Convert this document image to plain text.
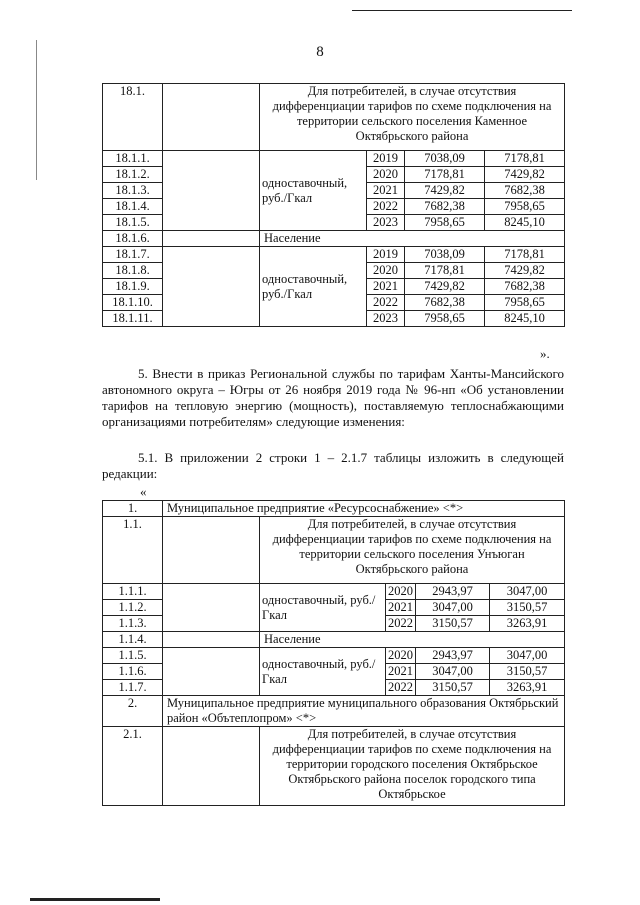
8
18.1.		Для потребителей, в случае отсутствия дифференциации тарифов по схеме подключения на территории сельского поселения Каменное Октябрьского района			
18.1.1.		одноставочный, руб./Гкал	2019	7038,09	7178,81
18.1.2.			2020	7178,81	7429,82
18.1.3.			2021	7429,82	7682,38
18.1.4.			2022	7682,38	7958,65
18.1.5.			2023	7958,65	8245,10
18.1.6.		Население			
18.1.7.		одноставочный, руб./Гкал	2019	7038,09	7178,81
18.1.8.			2020	7178,81	7429,82
18.1.9.			2021	7429,82	7682,38
18.1.10.			2022	7682,38	7958,65
18.1.11.			2023	7958,65	8245,10
».
5. Внести в приказ Региональной службы по тарифам Ханты-Мансийского автономного округа – Югры от 26 ноября 2019 года № 96-нп «Об установлении тарифов на тепловую энергию (мощность), поставляемую теплоснабжающими организациями потребителям» следующие изменения:
5.1. В приложении 2 строки 1 – 2.1.7 таблицы изложить в следующей редакции:
«
1.	Муниципальное предприятие «Ресурсоснабжение» <*>				
1.1.		Для потребителей, в случае отсутствия дифференциации тарифов по схеме подключения на территории сельского поселения Унъюган Октябрьского района			
1.1.1.		одноставочный, руб./Гкал	2020	2943,97	3047,00
1.1.2.			2021	3047,00	3150,57
1.1.3.			2022	3150,57	3263,91
1.1.4.		Население			
1.1.5.		одноставочный, руб./Гкал	2020	2943,97	3047,00
1.1.6.			2021	3047,00	3150,57
1.1.7.			2022	3150,57	3263,91
2.	Муниципальное предприятие муниципального образования Октябрьский район «Обътеплопром» <*>				
2.1.		Для потребителей, в случае отсутствия дифференциации тарифов по схеме подключения на территории городского поселения Октябрьское Октябрьского района поселок городского типа Октябрьское			
